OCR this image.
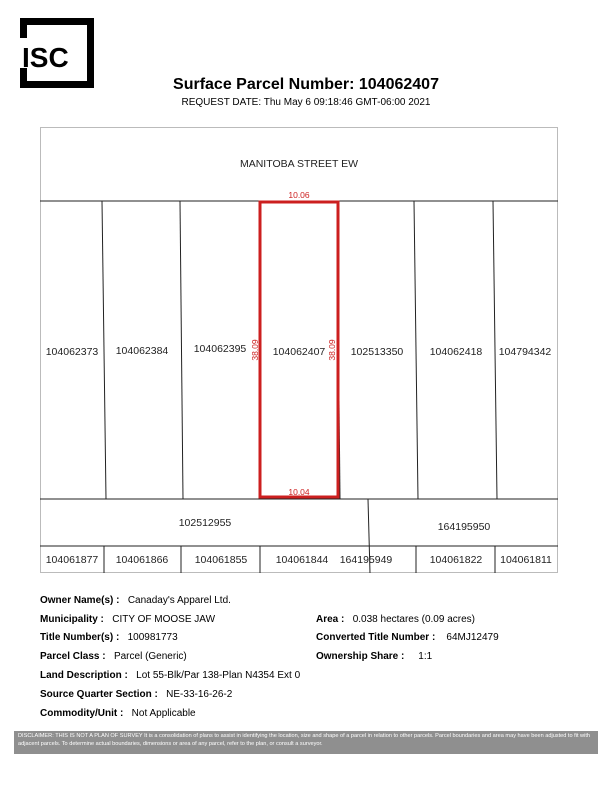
ISC
Surface Parcel Number: 104062407
REQUEST DATE: Thu May 6 09:18:46 GMT-06:00 2021
MANITOBA STREET EW
10.06
10.04
38.09	38.09
104062407
104062373 104062384 104062395	102513350	104062418 104794342
102512955	164195950
104061877 104061866	104061855	104061844 164195949	104061822 104061811
Owner Name(s) : Canaday's Apparel Ltd.
Municipality : CITY OF MOOSE JAW
Title Number(s) : 100981773
Parcel Class : Parcel (Generic)
Land Description : Lot 55-Blk/Par 138-Plan N4354 Ext 0
Source Quarter Section : NE-33-16-26-2
Commodity/Unit : Not Applicable
Area : 0.038 hectares (0.09 acres)
Converted Title Number : 64MJ12479
Ownership Share : 1:1
DISCLAIMER: THIS IS NOT A PLAN OF SURVEY It is a consolidation of plans to assist in identifying the location, size and shape of a parcel in relation to other parcels. Parcel boundaries and area may have been adjusted to fit with adjacent parcels. To determine actual boundaries, dimensions or area of any parcel, refer to the plan, or consult a surveyor.
